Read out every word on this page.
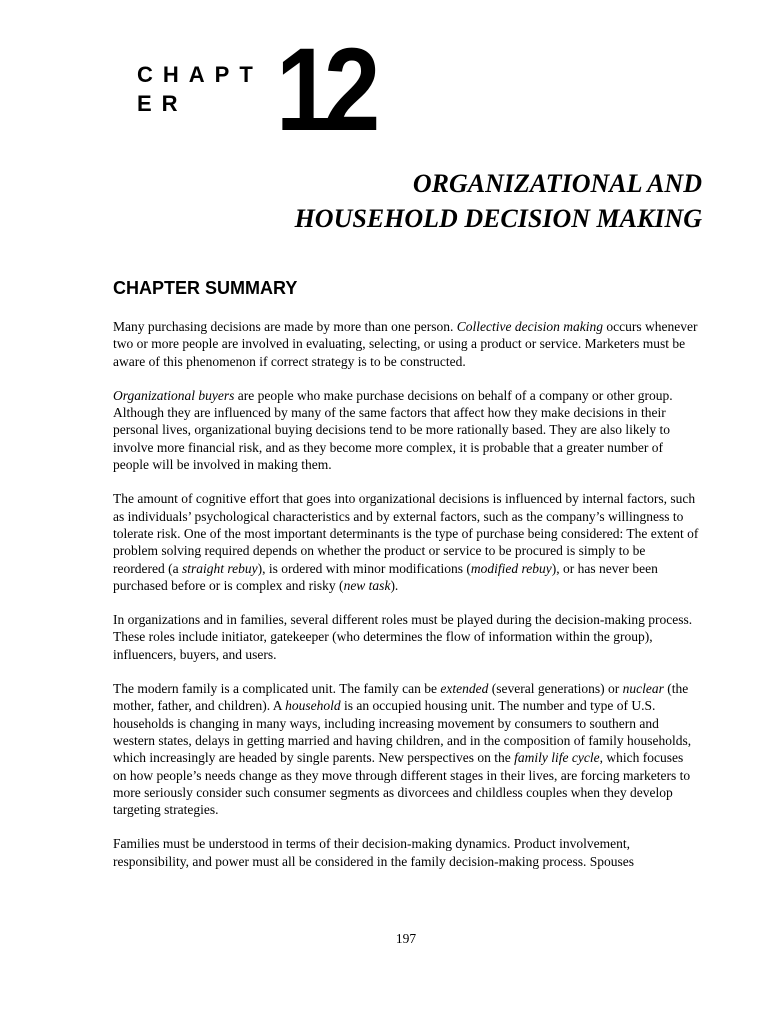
CHAPTER 12
ORGANIZATIONAL AND
HOUSEHOLD DECISION MAKING
CHAPTER SUMMARY

Many purchasing decisions are made by more than one person. Collective decision making occurs whenever two or more people are involved in evaluating, selecting, or using a product or service. Marketers must be aware of this phenomenon if correct strategy is to be constructed.

Organizational buyers are people who make purchase decisions on behalf of a company or other group. Although they are influenced by many of the same factors that affect how they make decisions in their personal lives, organizational buying decisions tend to be more rationally based. They are also likely to involve more financial risk, and as they become more complex, it is probable that a greater number of people will be involved in making them.

The amount of cognitive effort that goes into organizational decisions is influenced by internal factors, such as individuals’ psychological characteristics and by external factors, such as the company’s willingness to tolerate risk. One of the most important determinants is the type of purchase being considered: The extent of problem solving required depends on whether the product or service to be procured is simply to be reordered (a straight rebuy), is ordered with minor modifications (modified rebuy), or has never been purchased before or is complex and risky (new task).

In organizations and in families, several different roles must be played during the decision-making process. These roles include initiator, gatekeeper (who determines the flow of information within the group), influencers, buyers, and users.

The modern family is a complicated unit. The family can be extended (several generations) or nuclear (the mother, father, and children). A household is an occupied housing unit. The number and type of U.S. households is changing in many ways, including increasing movement by consumers to southern and western states, delays in getting married and having children, and in the composition of family households, which increasingly are headed by single parents. New perspectives on the family life cycle, which focuses on how people’s needs change as they move through different stages in their lives, are forcing marketers to more seriously consider such consumer segments as divorcees and childless couples when they develop targeting strategies.

Families must be understood in terms of their decision-making dynamics. Product involvement, responsibility, and power must all be considered in the family decision-making process. Spouses

197
